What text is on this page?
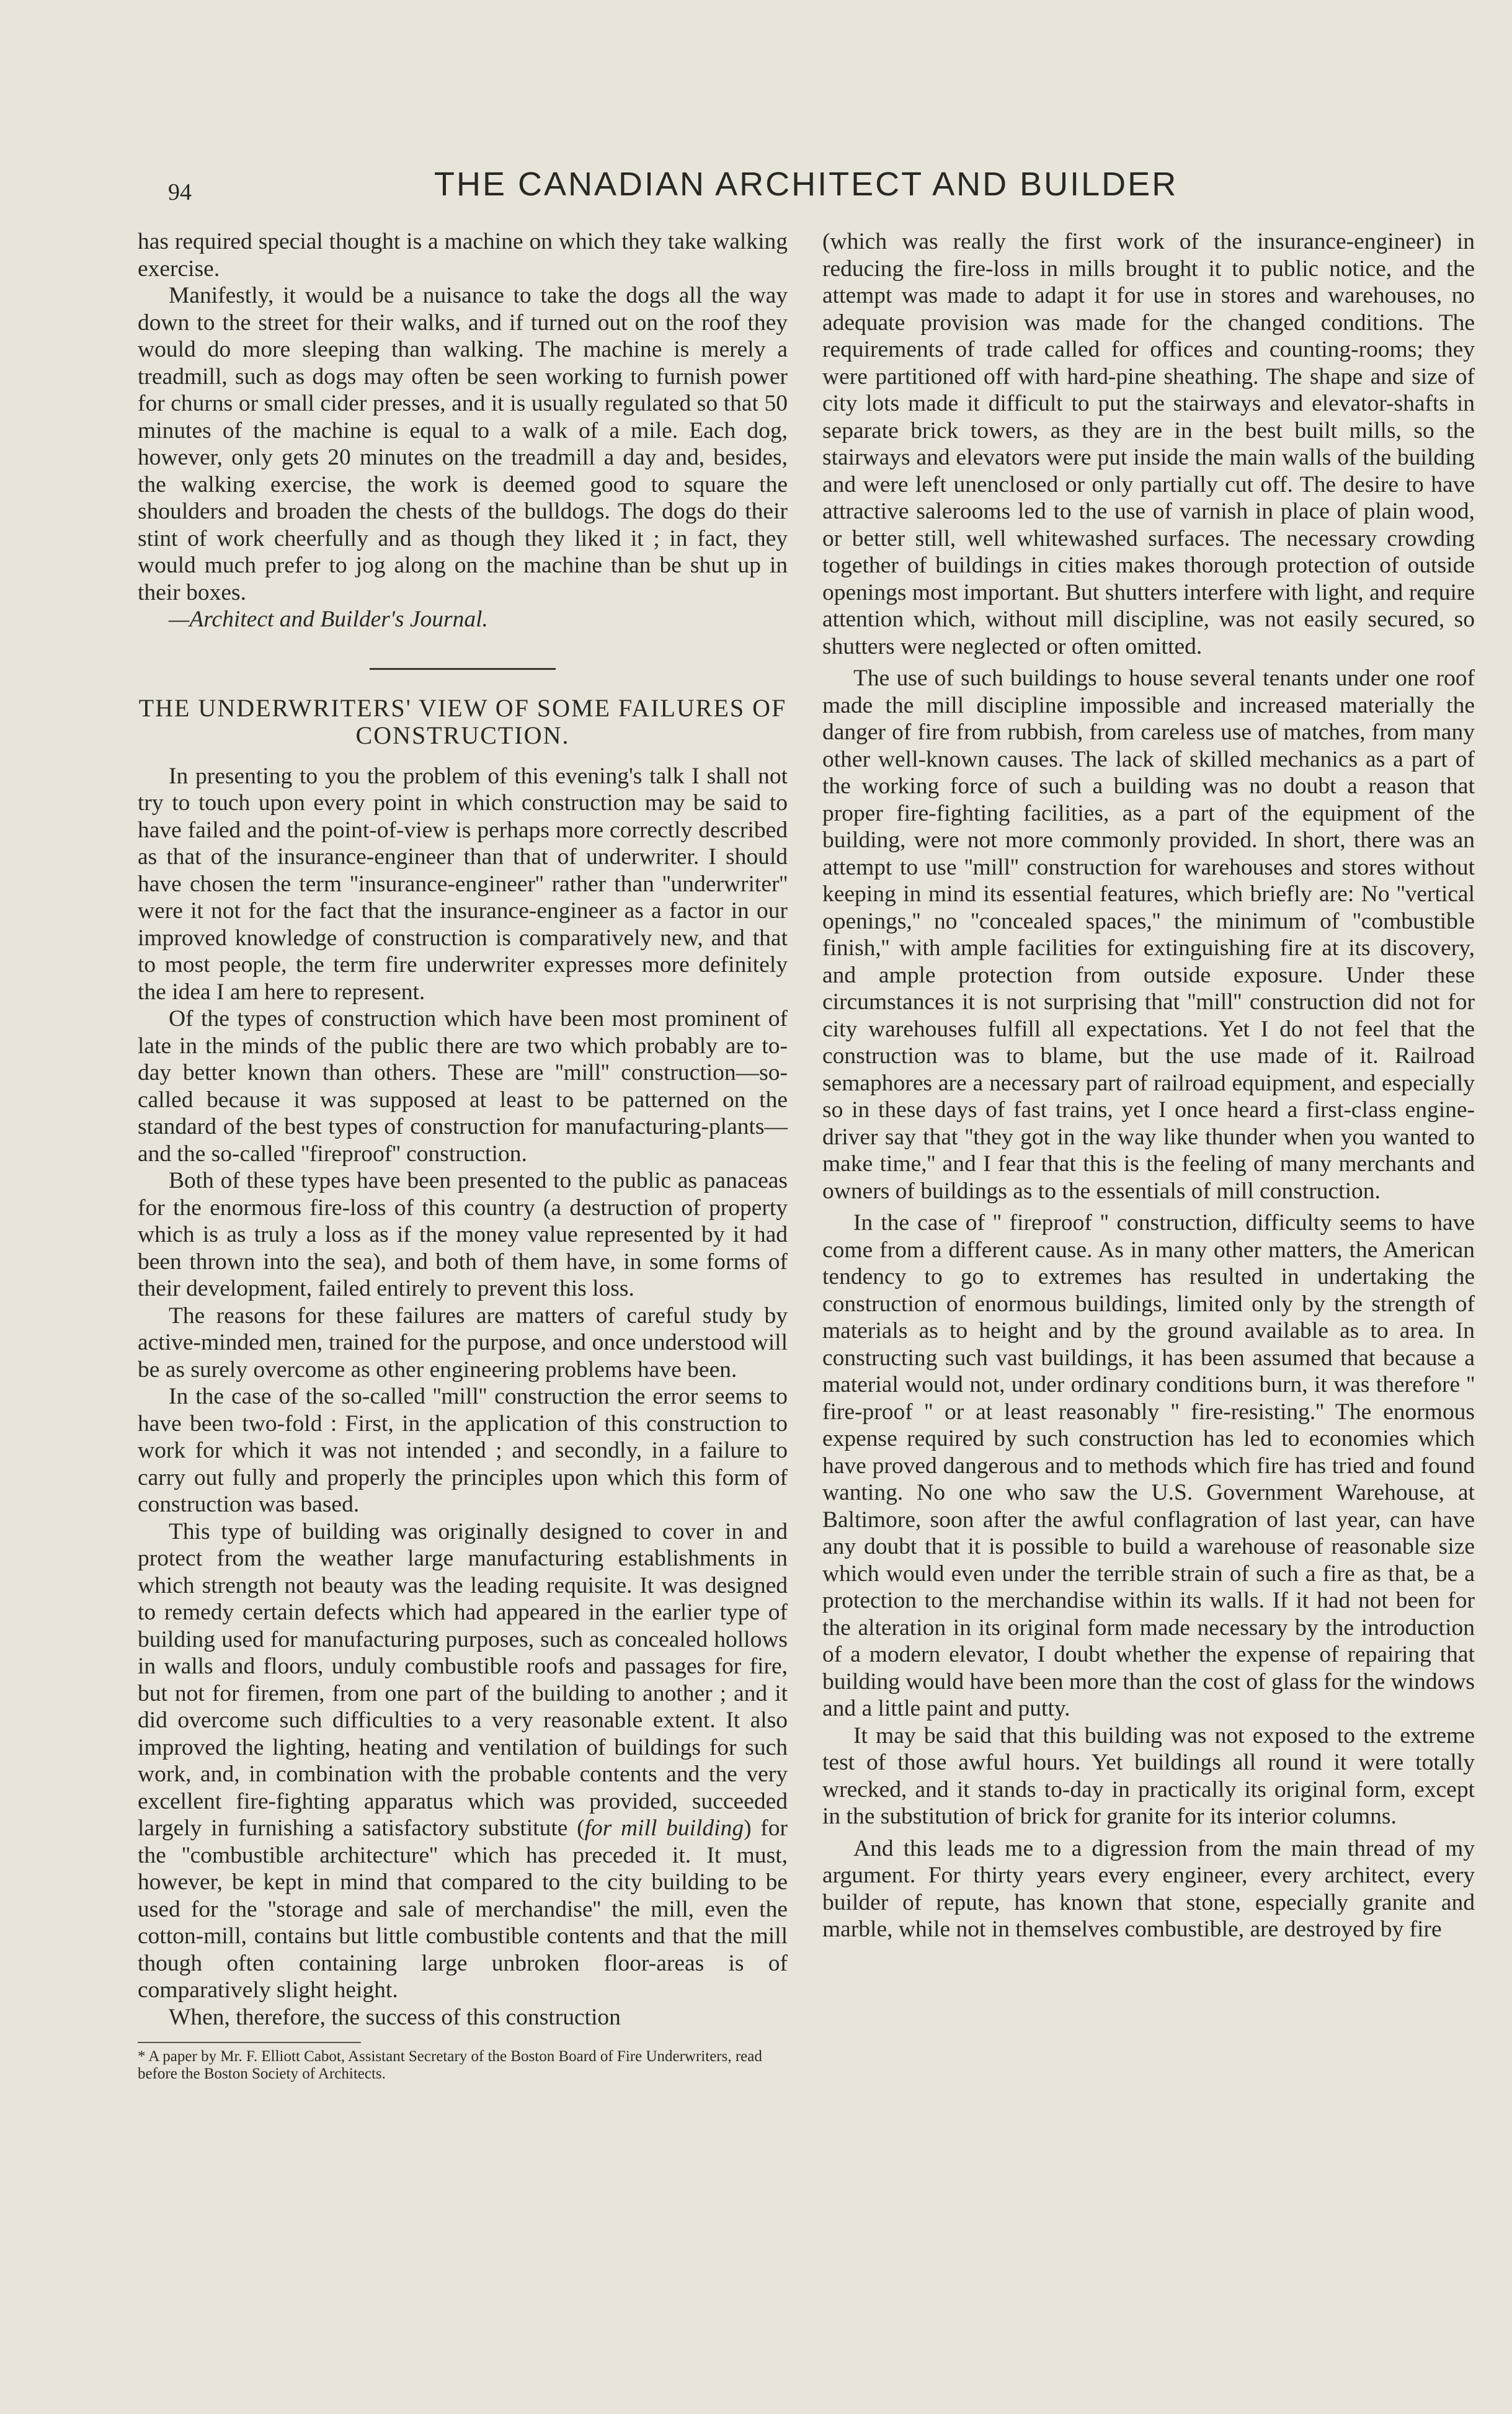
94	THE CANADIAN ARCHITECT AND BUILDER

has required special thought is a machine on which they take walking exercise.

Manifestly, it would be a nuisance to take the dogs all the way down to the street for their walks, and if turned out on the roof they would do more sleeping than walking. The machine is merely a treadmill, such as dogs may often be seen working to furnish power for churns or small cider presses, and it is usually regulated so that 50 minutes of the machine is equal to a walk of a mile. Each dog, however, only gets 20 minutes on the treadmill a day and, besides, the walking exercise, the work is deemed good to square the shoulders and broaden the chests of the bulldogs. The dogs do their stint of work cheerfully and as though they liked it ; in fact, they would much prefer to jog along on the machine than be shut up in their boxes.

—Architect and Builder's Journal.

THE UNDERWRITERS' VIEW OF SOME FAILURES OF CONSTRUCTION.

In presenting to you the problem of this evening's talk I shall not try to touch upon every point in which construction may be said to have failed and the point-of-view is perhaps more correctly described as that of the insurance-engineer than that of underwriter. I should have chosen the term ''insurance-engineer'' rather than ''underwriter'' were it not for the fact that the insurance-engineer as a factor in our improved knowledge of construction is comparatively new, and that to most people, the term fire underwriter expresses more definitely the idea I am here to represent.

Of the types of construction which have been most prominent of late in the minds of the public there are two which probably are to-day better known than others. These are ''mill'' construction—so-called because it was supposed at least to be patterned on the standard of the best types of construction for manufacturing-plants—and the so-called ''fireproof'' construction.

Both of these types have been presented to the public as panaceas for the enormous fire-loss of this country (a destruction of property which is as truly a loss as if the money value represented by it had been thrown into the sea), and both of them have, in some forms of their development, failed entirely to prevent this loss.

The reasons for these failures are matters of careful study by active-minded men, trained for the purpose, and once understood will be as surely overcome as other engineering problems have been.

In the case of the so-called ''mill'' construction the error seems to have been two-fold : First, in the application of this construction to work for which it was not intended ; and secondly, in a failure to carry out fully and properly the principles upon which this form of construction was based.

This type of building was originally designed to cover in and protect from the weather large manufacturing establishments in which strength not beauty was the leading requisite. It was designed to remedy certain defects which had appeared in the earlier type of building used for manufacturing purposes, such as concealed hollows in walls and floors, unduly combustible roofs and passages for fire, but not for firemen, from one part of the building to another ; and it did overcome such difficulties to a very reasonable extent. It also improved the lighting, heating and ventilation of buildings for such work, and, in combination with the probable contents and the very excellent fire-fighting apparatus which was provided, succeeded largely in furnishing a satisfactory substitute (for mill building) for the ''combustible architecture'' which has preceded it. It must, however, be kept in mind that compared to the city building to be used for the ''storage and sale of merchandise'' the mill, even the cotton-mill, contains but little combustible contents and that the mill though often containing large unbroken floor-areas is of comparatively slight height.

When, therefore, the success of this construction

* A paper by Mr. F. Elliott Cabot, Assistant Secretary of the Boston Board of Fire Underwriters, read before the Boston Society of Architects.

(which was really the first work of the insurance-engineer) in reducing the fire-loss in mills brought it to public notice, and the attempt was made to adapt it for use in stores and warehouses, no adequate provision was made for the changed conditions. The requirements of trade called for offices and counting-rooms; they were partitioned off with hard-pine sheathing. The shape and size of city lots made it difficult to put the stairways and elevator-shafts in separate brick towers, as they are in the best built mills, so the stairways and elevators were put inside the main walls of the building and were left unenclosed or only partially cut off. The desire to have attractive salerooms led to the use of varnish in place of plain wood, or better still, well whitewashed surfaces. The necessary crowding together of buildings in cities makes thorough protection of outside openings most important. But shutters interfere with light, and require attention which, without mill discipline, was not easily secured, so shutters were neglected or often omitted.

The use of such buildings to house several tenants under one roof made the mill discipline impossible and increased materially the danger of fire from rubbish, from careless use of matches, from many other well-known causes. The lack of skilled mechanics as a part of the working force of such a building was no doubt a reason that proper fire-fighting facilities, as a part of the equipment of the building, were not more commonly provided. In short, there was an attempt to use ''mill'' construction for warehouses and stores without keeping in mind its essential features, which briefly are: No ''vertical openings,'' no ''concealed spaces,'' the minimum of ''combustible finish,'' with ample facilities for extinguishing fire at its discovery, and ample protection from outside exposure. Under these circumstances it is not surprising that ''mill'' construction did not for city warehouses fulfill all expectations. Yet I do not feel that the construction was to blame, but the use made of it. Railroad semaphores are a necessary part of railroad equipment, and especially so in these days of fast trains, yet I once heard a first-class engine-driver say that ''they got in the way like thunder when you wanted to make time,'' and I fear that this is the feeling of many merchants and owners of buildings as to the essentials of mill construction.

In the case of '' fireproof '' construction, difficulty seems to have come from a different cause. As in many other matters, the American tendency to go to extremes has resulted in undertaking the construction of enormous buildings, limited only by the strength of materials as to height and by the ground available as to area. In constructing such vast buildings, it has been assumed that because a material would not, under ordinary conditions burn, it was therefore '' fire-proof '' or at least reasonably '' fire-resisting.'' The enormous expense required by such construction has led to economies which have proved dangerous and to methods which fire has tried and found wanting. No one who saw the U.S. Government Warehouse, at Baltimore, soon after the awful conflagration of last year, can have any doubt that it is possible to build a warehouse of reasonable size which would even under the terrible strain of such a fire as that, be a protection to the merchandise within its walls. If it had not been for the alteration in its original form made necessary by the introduction of a modern elevator, I doubt whether the expense of repairing that building would have been more than the cost of glass for the windows and a little paint and putty.

It may be said that this building was not exposed to the extreme test of those awful hours. Yet buildings all round it were totally wrecked, and it stands to-day in practically its original form, except in the substitution of brick for granite for its interior columns.

And this leads me to a digression from the main thread of my argument. For thirty years every engineer, every architect, every builder of repute, has known that stone, especially granite and marble, while not in themselves combustible, are destroyed by fire
